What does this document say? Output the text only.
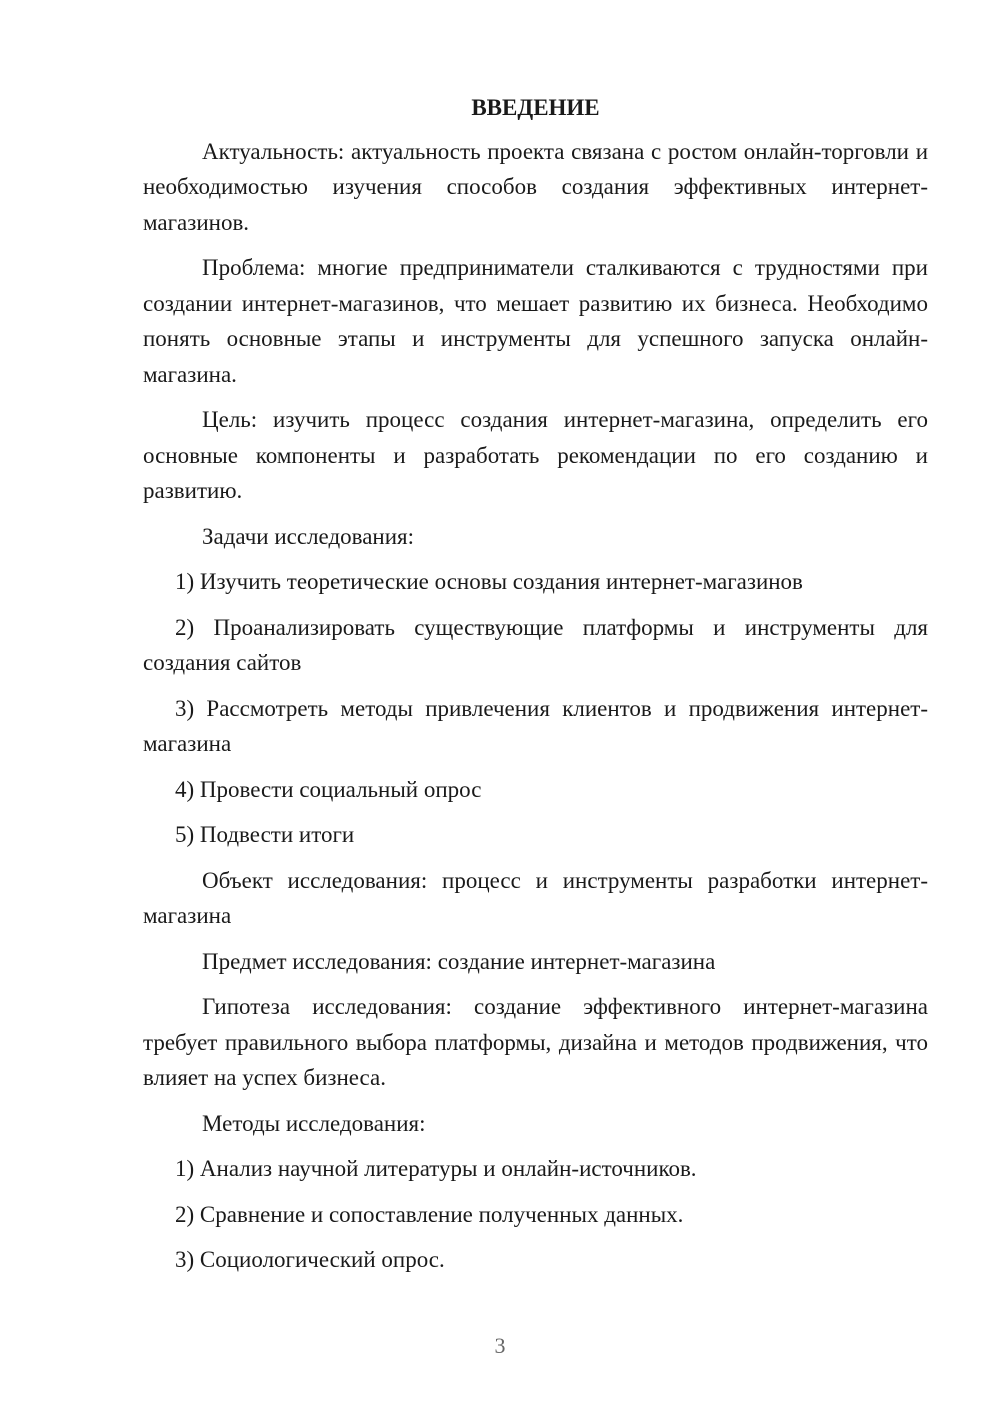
ВВЕДЕНИЕ

Актуальность: актуальность проекта связана с ростом онлайн-торговли и необходимостью изучения способов создания эффективных интернет-магазинов.

Проблема: многие предприниматели сталкиваются с трудностями при создании интернет-магазинов, что мешает развитию их бизнеса. Необходимо понять основные этапы и инструменты для успешного запуска онлайн-магазина.

Цель: изучить процесс создания интернет-магазина, определить его основные компоненты и разработать рекомендации по его созданию и развитию.

Задачи исследования:

1) Изучить теоретические основы создания интернет-магазинов

2) Проанализировать существующие платформы и инструменты для создания сайтов

3) Рассмотреть методы привлечения клиентов и продвижения интернет-магазина

4) Провести социальный опрос

5) Подвести итоги

Объект исследования: процесс и инструменты разработки интернет-магазина

Предмет исследования: создание интернет-магазина

Гипотеза исследования: создание эффективного интернет-магазина требует правильного выбора платформы, дизайна и методов продвижения, что влияет на успех бизнеса.

Методы исследования:

1) Анализ научной литературы и онлайн-источников.

2) Сравнение и сопоставление полученных данных.

3) Социологический опрос.

3
